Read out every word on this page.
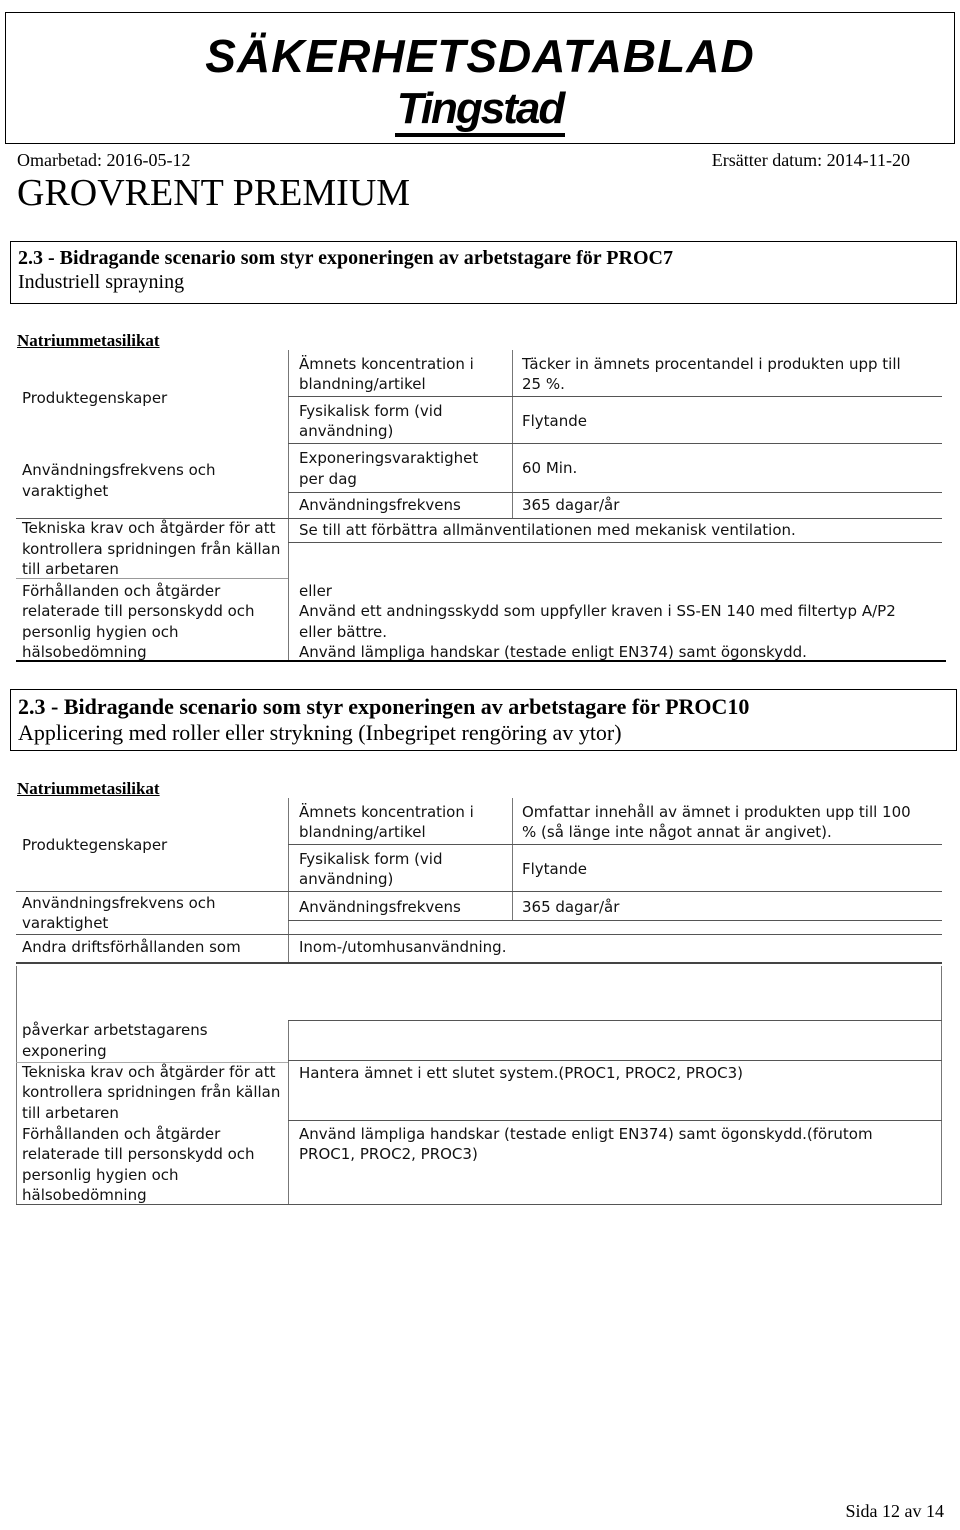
SÄKERHETSDATABLAD
Tingstad
Omarbetad: 2016-05-12	Ersätter datum: 2014-11-20
GROVRENT PREMIUM
2.3 - Bidragande scenario som styr exponeringen av arbetstagare för PROC7
Industriell sprayning
Natriummetasilikat
Produktegenskaper
Användningsfrekvens och
varaktighet
Tekniska krav och åtgärder för att
kontrollera spridningen från källan
till arbetaren
Förhållanden och åtgärder
relaterade till personskydd och
personlig hygien och
hälsobedömning
Ämnets koncentration i
blandning/artikel
Fysikalisk form (vid
användning)
Exponeringsvaraktighet
per dag
Användningsfrekvens
Täcker in ämnets procentandel i produkten upp till
25 %.
Flytande
60 Min.
365 dagar/år
Se till att förbättra allmänventilationen med mekanisk ventilation.
eller
Använd ett andningsskydd som uppfyller kraven i SS-EN 140 med filtertyp A/P2
eller bättre.
Använd lämpliga handskar (testade enligt EN374) samt ögonskydd.
2.3 - Bidragande scenario som styr exponeringen av arbetstagare för PROC10
Applicering med roller eller strykning (Inbegripet rengöring av ytor)
Natriummetasilikat
Produktegenskaper
Användningsfrekvens och
varaktighet
Andra driftsförhållanden som
Ämnets koncentration i
blandning/artikel
Fysikalisk form (vid
användning)
Användningsfrekvens
Inom-/utomhusanvändning.
Omfattar innehåll av ämnet i produkten upp till 100
% (så länge inte något annat är angivet).
Flytande
365 dagar/år
påverkar arbetstagarens
exponering
Tekniska krav och åtgärder för att
kontrollera spridningen från källan
till arbetaren
Förhållanden och åtgärder
relaterade till personskydd och
personlig hygien och
hälsobedömning
Hantera ämnet i ett slutet system.(PROC1, PROC2, PROC3)
Använd lämpliga handskar (testade enligt EN374) samt ögonskydd.(förutom
PROC1, PROC2, PROC3)
Sida 12 av 14
